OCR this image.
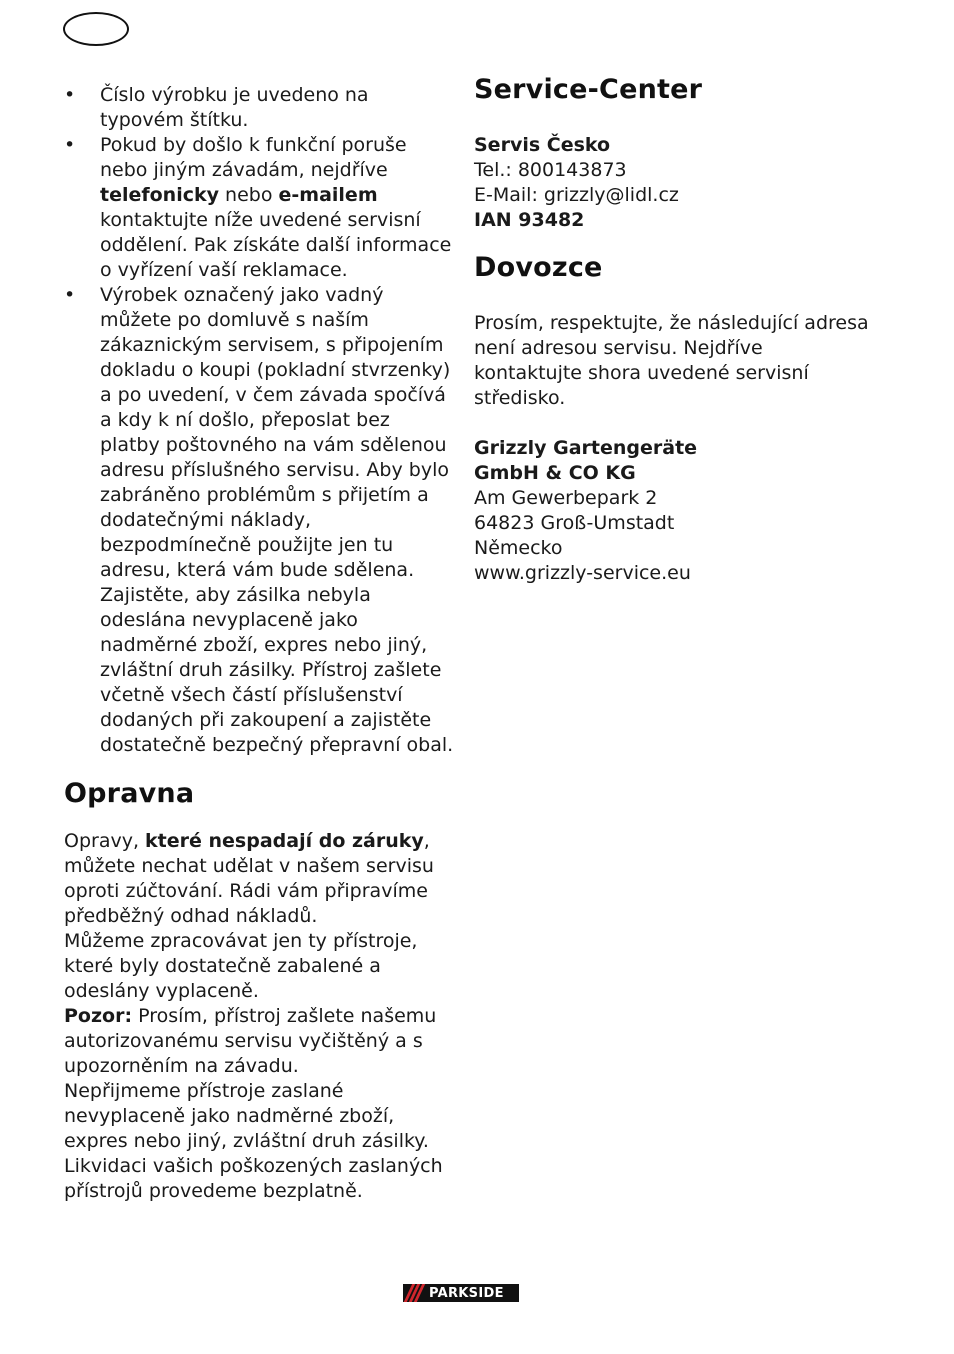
• Číslo výrobku je uvedeno na typovém štítku.
• Pokud by došlo k funkční poruše nebo jiným závadám, nejdříve telefonicky nebo e-mailem kontaktujte níže uvedené servisní oddělení. Pak získáte další informace o vyřízení vaší reklamace.
• Výrobek označený jako vadný můžete po domluvě s naším zákaznickým servisem, s připojením dokladu o koupi (pokladní stvrzenky) a po uvedení, v čem závada spočívá a kdy k ní došlo, přeposlat bez platby poštovného na vám sdělenou adresu příslušného servisu. Aby bylo zabráněno problémům s přijetím a dodatečnými náklady, bezpodmínečně použijte jen tu adresu, která vám bude sdělena. Zajistěte, aby zásilka nebyla odeslána nevyplaceně jako nadměrné zboží, expres nebo jiný, zvláštní druh zásilky. Přístroj zašlete včetně všech částí příslušenství dodaných při zakoupení a zajistěte dostatečně bezpečný přepravní obal.
Opravna

Opravy, které nespadají do záruky, můžete nechat udělat v našem servisu oproti zúčtování. Rádi vám připravíme předběžný odhad nákladů.

Můžeme zpracovávat jen ty přístroje, které byly dostatečně zabalené a odeslány vyplaceně.

Pozor: Prosím, přístroj zašlete našemu autorizovanému servisu vyčištěný a s upozorněním na závadu.

Nepřijmeme přístroje zaslané nevyplaceně jako nadměrné zboží, expres nebo jiný, zvláštní druh zásilky.

Likvidaci vašich poškozených zaslaných přístrojů provedeme bezplatně.

Service-Center

Servis Česko

Tel.: 800143873

E-Mail: grizzly@lidl.cz

IAN 93482

Dovozce

Prosím, respektujte, že následující adresa není adresou servisu. Nejdříve kontaktujte shora uvedené servisní středisko.

Grizzly Gartengeräte

GmbH & CO KG

Am Gewerbepark 2

64823 Groß-Umstadt

Německo

www.grizzly-service.eu

PARKSIDE
